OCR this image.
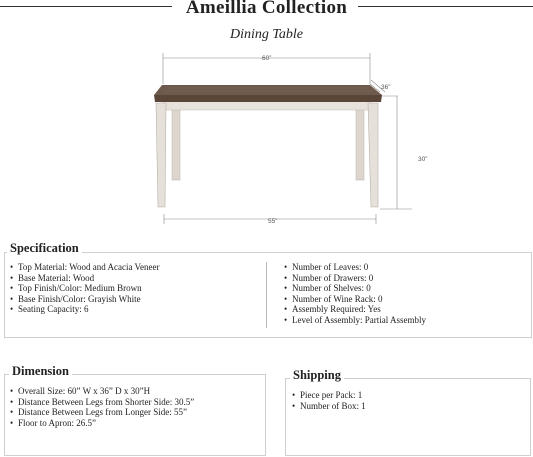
Ameillia Collection
Dining Table
60”
36”
30”
55”
Specification
• Top Material: Wood and Acacia Veneer
• Base Material: Wood
• Top Finish/Color: Medium Brown
• Base Finish/Color: Grayish White
• Seating Capacity: 6
• Number of Leaves: 0
• Number of Drawers: 0
• Number of Shelves: 0
• Number of Wine Rack: 0
• Assembly Required: Yes
• Level of Assembly: Partial Assembly
Dimension
• Overall Size: 60” W x 36” D x 30”H
• Distance Between Legs from Shorter Side: 30.5”
• Distance Between Legs from Longer Side: 55”
• Floor to Apron: 26.5”
Shipping
• Piece per Pack: 1
• Number of Box: 1
